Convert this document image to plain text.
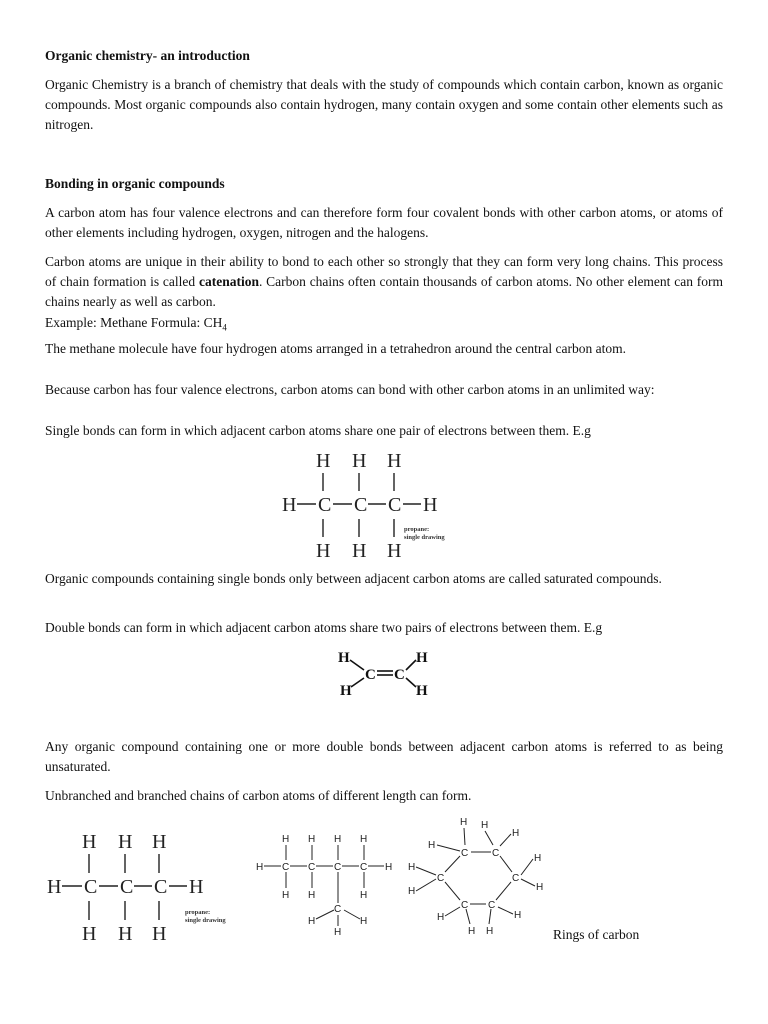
Organic chemistry- an introduction

Organic Chemistry is a branch of chemistry that deals with the study of compounds which contain carbon, known as organic compounds. Most organic compounds also contain hydrogen, many contain oxygen and some contain other elements such as nitrogen.

Bonding in organic compounds

A carbon atom has four valence electrons and can therefore form four covalent bonds with other carbon atoms, or atoms of other elements including hydrogen, oxygen, nitrogen and the halogens.

Carbon atoms are unique in their ability to bond to each other so strongly that they can form very long chains. This process of chain formation is called catenation. Carbon chains often contain thousands of carbon atoms. No other element can form chains nearly as well as carbon.

Example: Methane Formula: $CH_4$

The methane molecule have four hydrogen atoms arranged in a tetrahedron around the central carbon atom.

Because carbon has four valence electrons, carbon atoms can bond with other carbon atoms in an unlimited way:

Single bonds can form in which adjacent carbon atoms share one pair of electrons between them. E.g

Organic compounds containing single bonds only between adjacent carbon atoms are called saturated compounds.

Double bonds can form in which adjacent carbon atoms share two pairs of electrons between them. E.g

Any organic compound containing one or more double bonds between adjacent carbon atoms is referred to as being unsaturated.

Unbranched and branched chains of carbon atoms of different length can form.

Rings of carbon
H H H
H C C C H
H H H
propane:
single drawing
H	H
C C
H	H
H H H
H C C C H
H H H
propane:
single drawing
H H H H
H C C C C H
H H	H
C
H	H
H
H H
H
H
C C	H
H
C	C
H	H
C C
H	H
H H
